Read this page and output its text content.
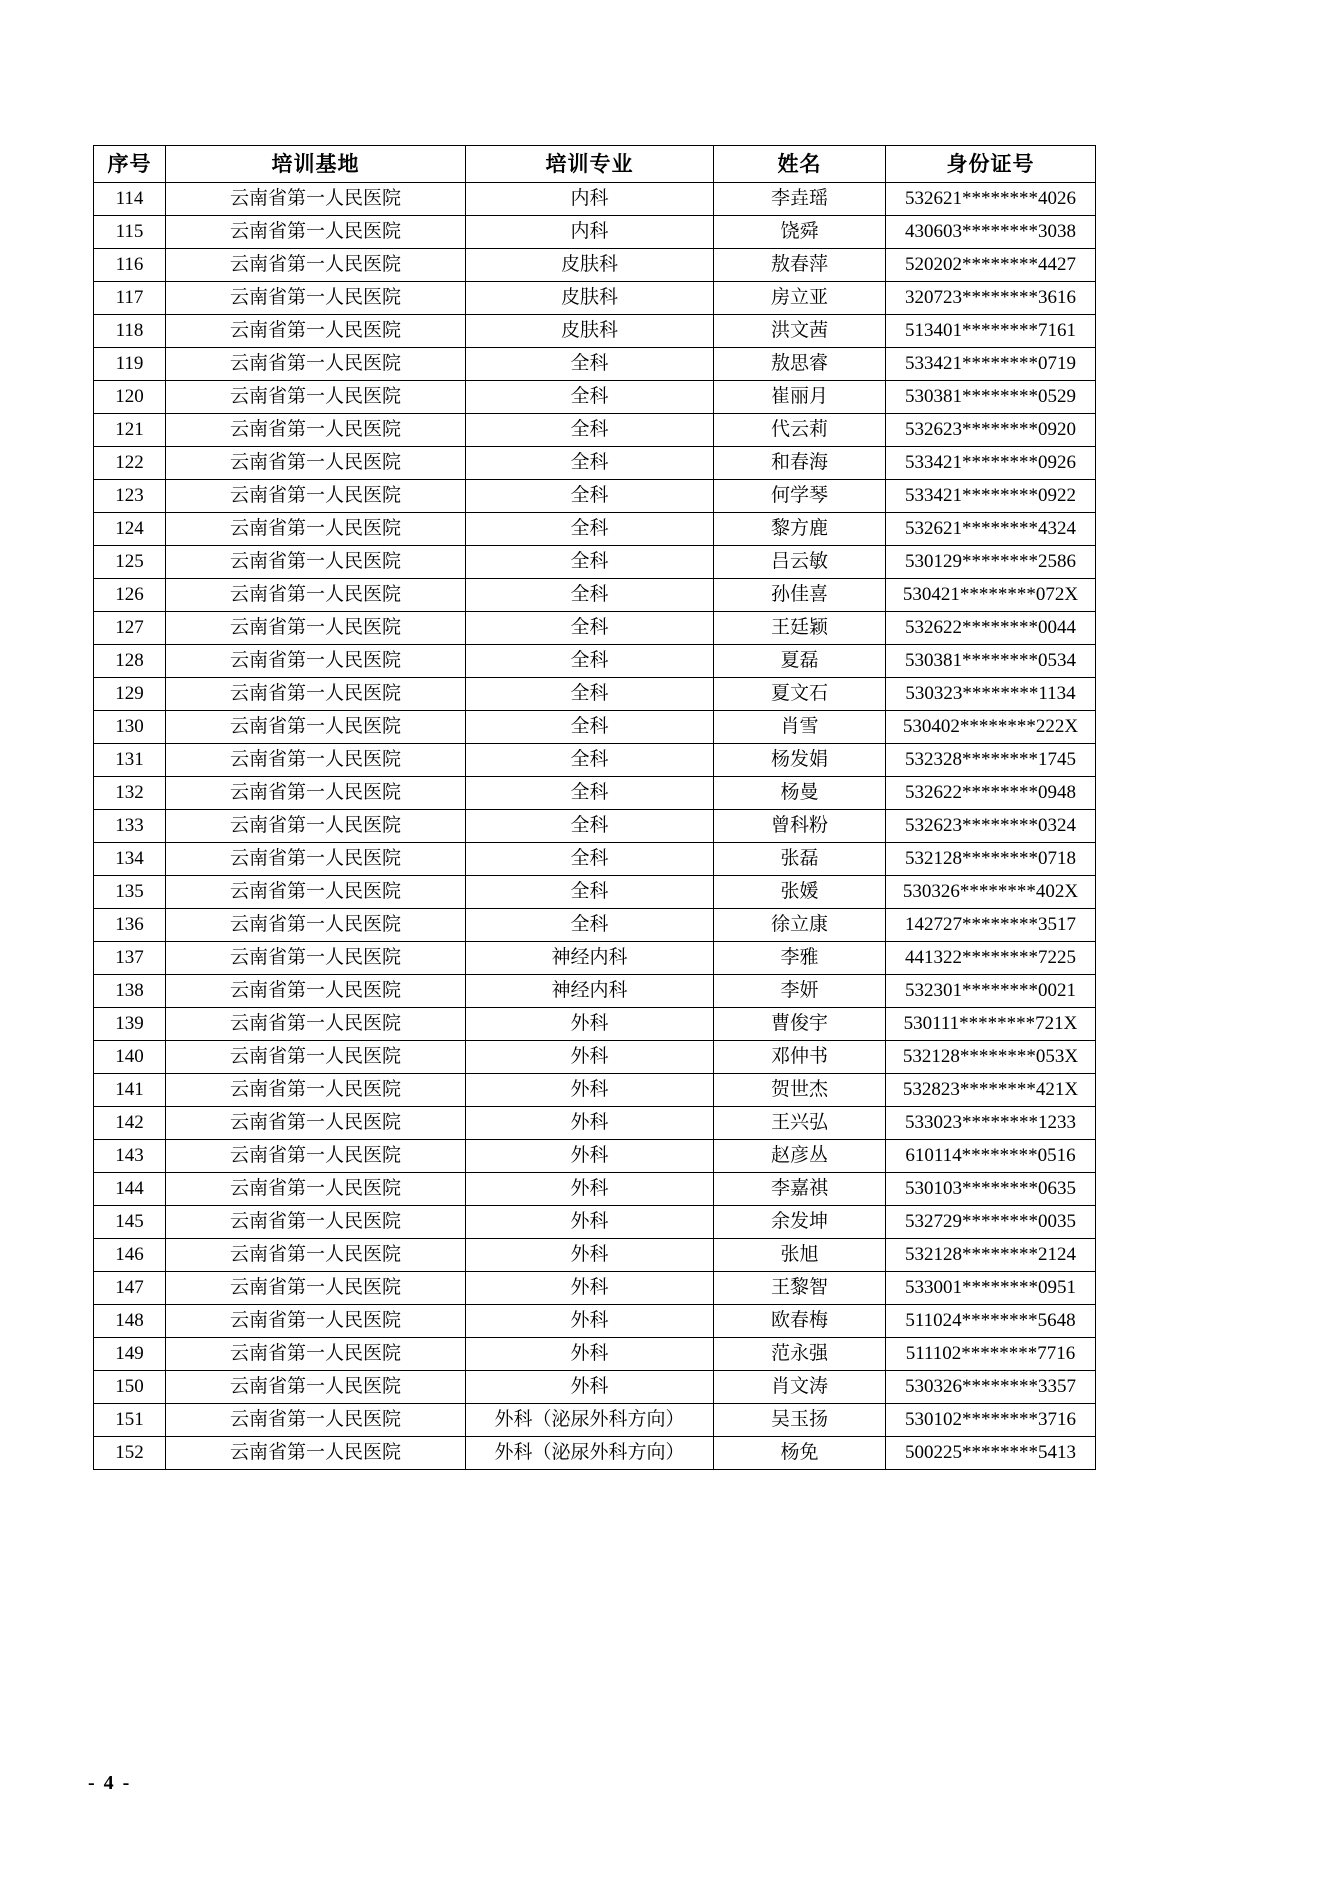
序号	培训基地	培训专业	姓名	身份证号
114	云南省第一人民医院	内科	李垚瑶	532621********4026
115	云南省第一人民医院	内科	饶舜	430603********3038
116	云南省第一人民医院	皮肤科	敖春萍	520202********4427
117	云南省第一人民医院	皮肤科	房立亚	320723********3616
118	云南省第一人民医院	皮肤科	洪文茜	513401********7161
119	云南省第一人民医院	全科	敖思睿	533421********0719
120	云南省第一人民医院	全科	崔丽月	530381********0529
121	云南省第一人民医院	全科	代云莉	532623********0920
122	云南省第一人民医院	全科	和春海	533421********0926
123	云南省第一人民医院	全科	何学琴	533421********0922
124	云南省第一人民医院	全科	黎方鹿	532621********4324
125	云南省第一人民医院	全科	吕云敏	530129********2586
126	云南省第一人民医院	全科	孙佳喜	530421********072X
127	云南省第一人民医院	全科	王廷颖	532622********0044
128	云南省第一人民医院	全科	夏磊	530381********0534
129	云南省第一人民医院	全科	夏文石	530323********1134
130	云南省第一人民医院	全科	肖雪	530402********222X
131	云南省第一人民医院	全科	杨发娟	532328********1745
132	云南省第一人民医院	全科	杨曼	532622********0948
133	云南省第一人民医院	全科	曾科粉	532623********0324
134	云南省第一人民医院	全科	张磊	532128********0718
135	云南省第一人民医院	全科	张媛	530326********402X
136	云南省第一人民医院	全科	徐立康	142727********3517
137	云南省第一人民医院	神经内科	李雅	441322********7225
138	云南省第一人民医院	神经内科	李妍	532301********0021
139	云南省第一人民医院	外科	曹俊宇	530111********721X
140	云南省第一人民医院	外科	邓仲书	532128********053X
141	云南省第一人民医院	外科	贺世杰	532823********421X
142	云南省第一人民医院	外科	王兴弘	533023********1233
143	云南省第一人民医院	外科	赵彦丛	610114********0516
144	云南省第一人民医院	外科	李嘉祺	530103********0635
145	云南省第一人民医院	外科	余发坤	532729********0035
146	云南省第一人民医院	外科	张旭	532128********2124
147	云南省第一人民医院	外科	王黎智	533001********0951
148	云南省第一人民医院	外科	欧春梅	511024********5648
149	云南省第一人民医院	外科	范永强	511102********7716
150	云南省第一人民医院	外科	肖文涛	530326********3357
151	云南省第一人民医院	外科（泌尿外科方向）	吴玉扬	530102********3716
152	云南省第一人民医院	外科（泌尿外科方向）	杨免	500225********5413
- 4 -
